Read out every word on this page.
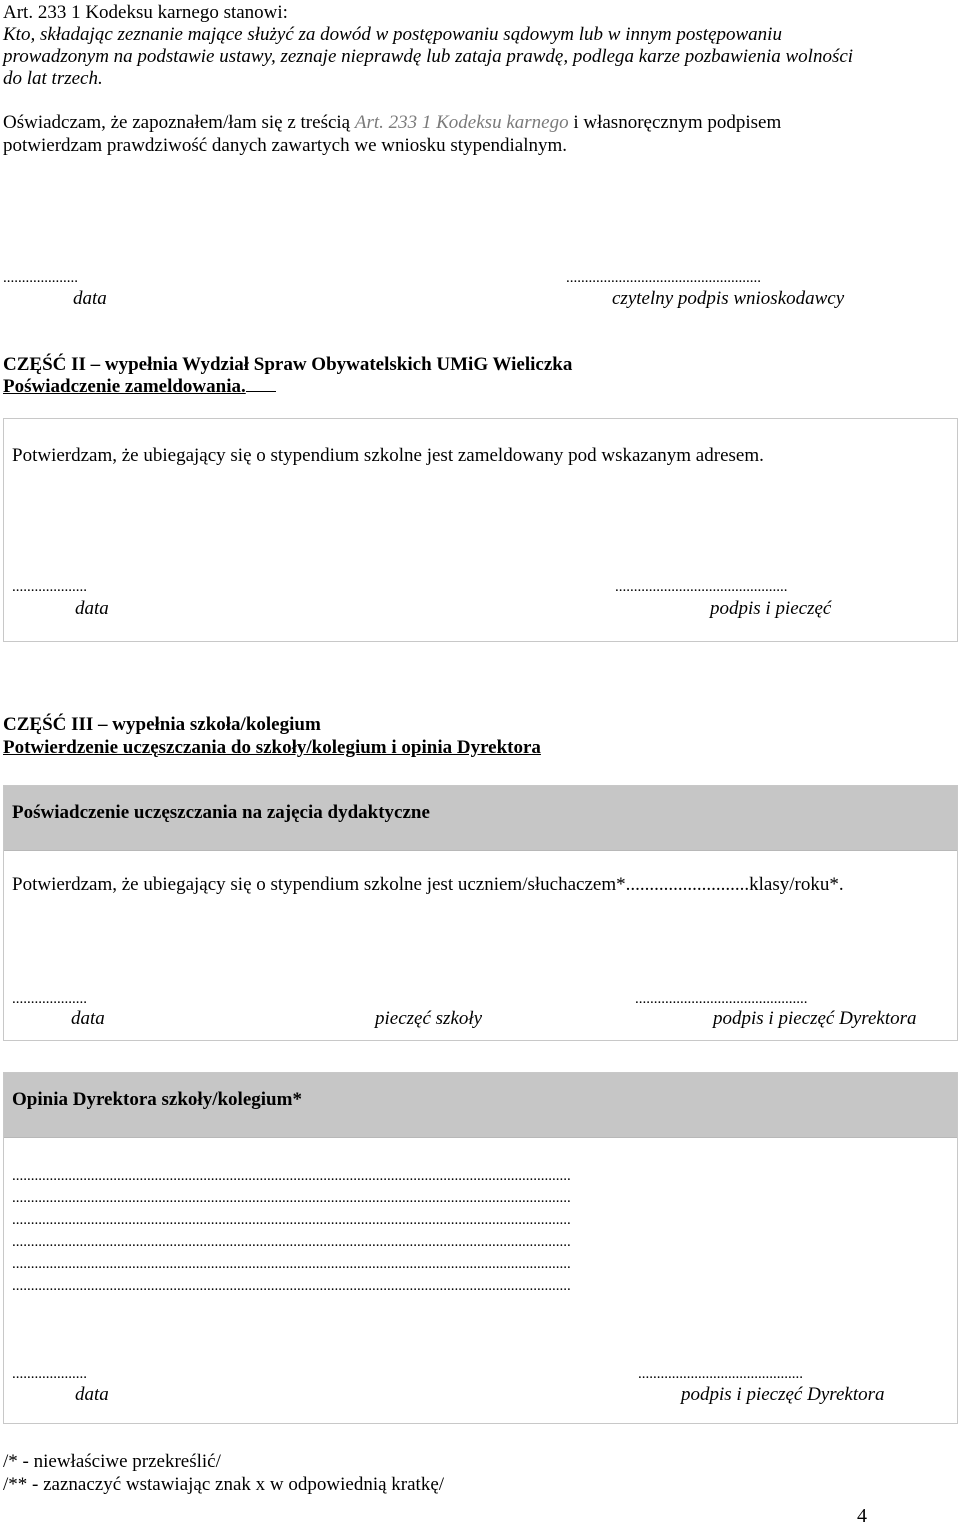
Art. 233 1 Kodeksu karnego stanowi:
Kto, składając zeznanie mające służyć za dowód w postępowaniu sądowym lub w innym postępowaniu
prowadzonym na podstawie ustawy, zeznaje nieprawdę lub zataja prawdę, podlega karze pozbawienia wolności
do lat trzech.
Oświadczam, że zapoznałem/łam się z treścią Art. 233 1 Kodeksu karnego i własnoręcznym podpisem
potwierdzam prawdziwość danych zawartych we wniosku stypendialnym.
....................	....................................................
data	czytelny podpis wnioskodawcy
CZĘŚĆ II – wypełnia Wydział Spraw Obywatelskich UMiG Wieliczka
Poświadczenie zameldowania.
Potwierdzam, że ubiegający się o stypendium szkolne jest zameldowany pod wskazanym adresem.
....................	..............................................
data	podpis i pieczęć
CZĘŚĆ III – wypełnia szkoła/kolegium
Potwierdzenie uczęszczania do szkoły/kolegium i opinia Dyrektora
Poświadczenie uczęszczania na zajęcia dydaktyczne
Potwierdzam, że ubiegający się o stypendium szkolne jest uczniem/słuchaczem*..........................klasy/roku*.
....................	..............................................
data	pieczęć szkoły	podpis i pieczęć Dyrektora
Opinia Dyrektora szkoły/kolegium*
.....................................................................................................................................................
.....................................................................................................................................................
.....................................................................................................................................................
.....................................................................................................................................................
.....................................................................................................................................................
.....................................................................................................................................................
....................	............................................
data	podpis i pieczęć Dyrektora
/* - niewłaściwe przekreślić/
/** - zaznaczyć wstawiając znak x w odpowiednią kratkę/
4
